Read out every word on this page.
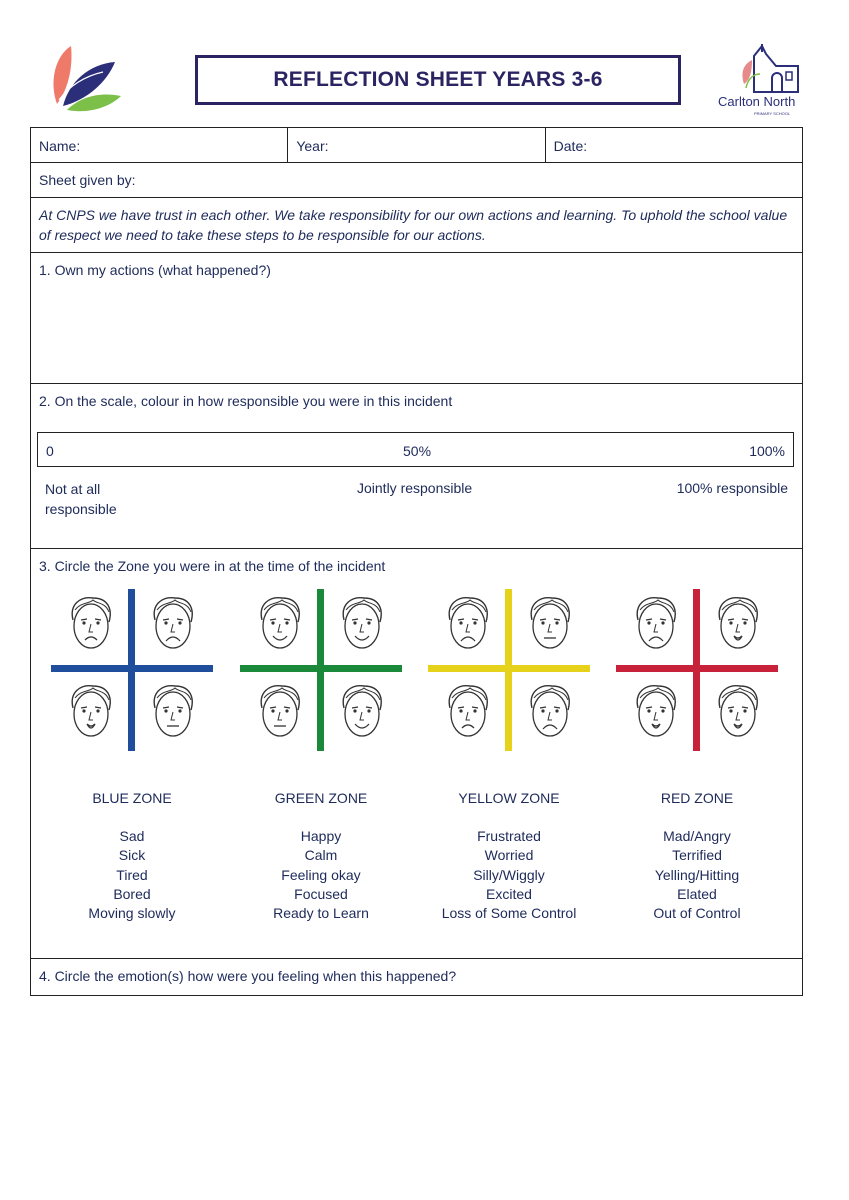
REFLECTION SHEET YEARS 3-6
Carlton North
PRIMARY SCHOOL
Name:	Year:	Date:
Sheet given by:
At CNPS we have trust in each other. We take responsibility for our own actions and learning. To uphold the school value of respect we need to take these steps to be responsible for our actions.
1. Own my actions (what happened?)
2. On the scale, colour in how responsible you were in this incident
0	50%	100%
Not at all
responsible
Jointly responsible	100% responsible
3. Circle the Zone you were in at the time of the incident
BLUE ZONE
Sad
Sick
Tired
Bored
Moving slowly
GREEN ZONE
Happy
Calm
Feeling okay
Focused
Ready to Learn
YELLOW ZONE
Frustrated
Worried
Silly/Wiggly
Excited
Loss of Some Control
RED ZONE
Mad/Angry
Terrified
Yelling/Hitting
Elated
Out of Control
4. Circle the emotion(s) how were you feeling when this happened?
